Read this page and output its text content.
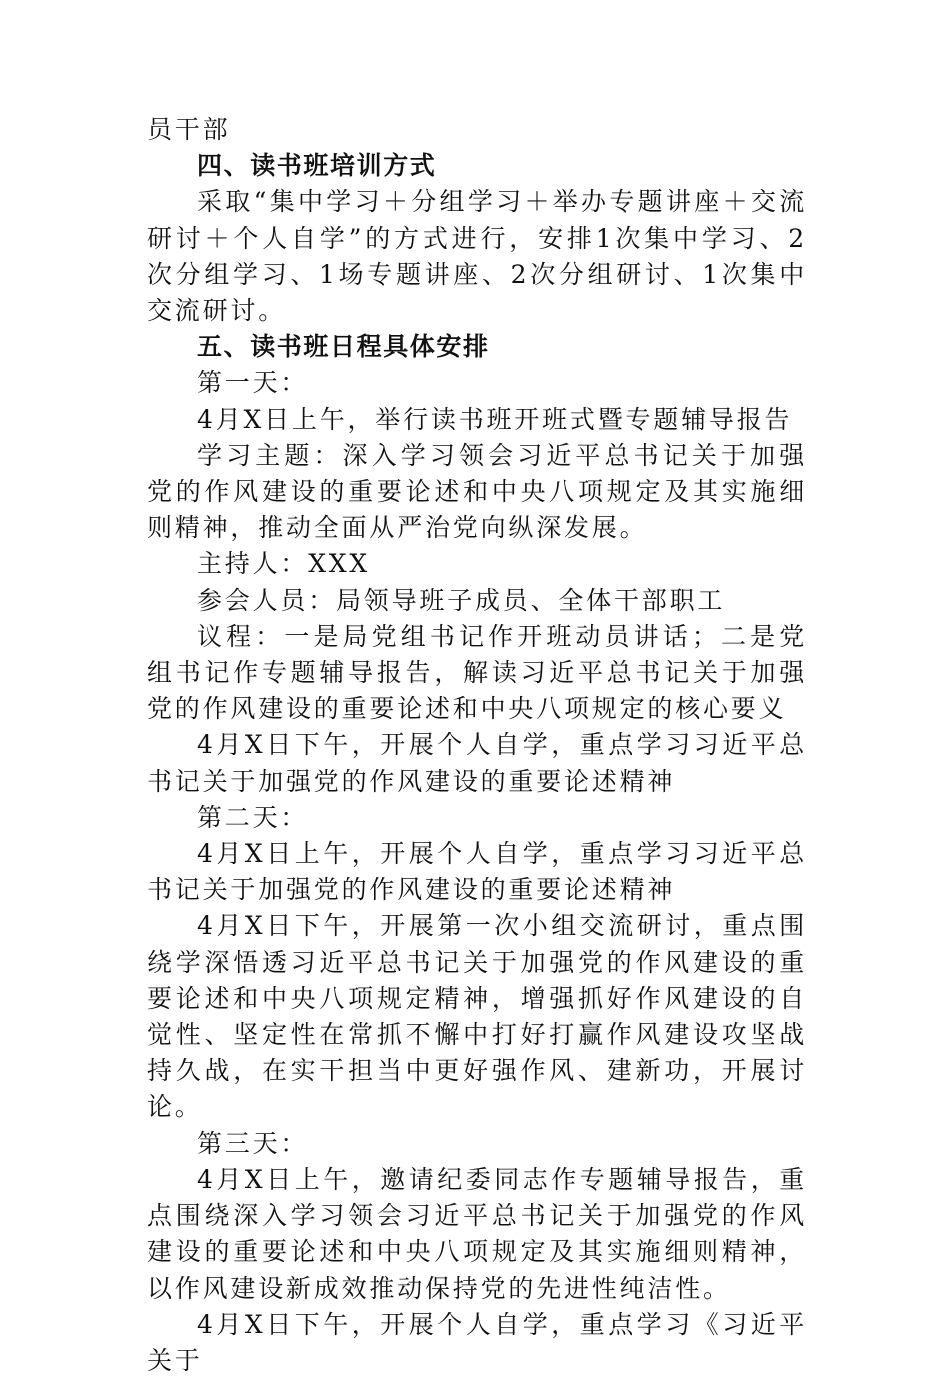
员干部

四、读书班培训方式

采取“集中学习＋分组学习＋举办专题讲座＋交流研讨＋个人自学”的方式进行，安排1次集中学习、2次分组学习、1场专题讲座、2次分组研讨、1次集中交流研讨。

五、读书班日程具体安排

第一天：

4月X日上午，举行读书班开班式暨专题辅导报告

学习主题：深入学习领会习近平总书记关于加强党的作风建设的重要论述和中央八项规定及其实施细则精神，推动全面从严治党向纵深发展。

主持人：XXX

参会人员：局领导班子成员、全体干部职工

议程：一是局党组书记作开班动员讲话；二是党组书记作专题辅导报告，解读习近平总书记关于加强党的作风建设的重要论述和中央八项规定的核心要义

4月X日下午，开展个人自学，重点学习习近平总书记关于加强党的作风建设的重要论述精神

第二天：

4月X日上午，开展个人自学，重点学习习近平总书记关于加强党的作风建设的重要论述精神

4月X日下午，开展第一次小组交流研讨，重点围绕学深悟透习近平总书记关于加强党的作风建设的重要论述和中央八项规定精神，增强抓好作风建设的自觉性、坚定性在常抓不懈中打好打赢作风建设攻坚战持久战，在实干担当中更好强作风、建新功，开展讨论。

第三天：

4月X日上午，邀请纪委同志作专题辅导报告，重点围绕深入学习领会习近平总书记关于加强党的作风建设的重要论述和中央八项规定及其实施细则精神，以作风建设新成效推动保持党的先进性纯洁性。

4月X日下午，开展个人自学，重点学习《习近平关于
